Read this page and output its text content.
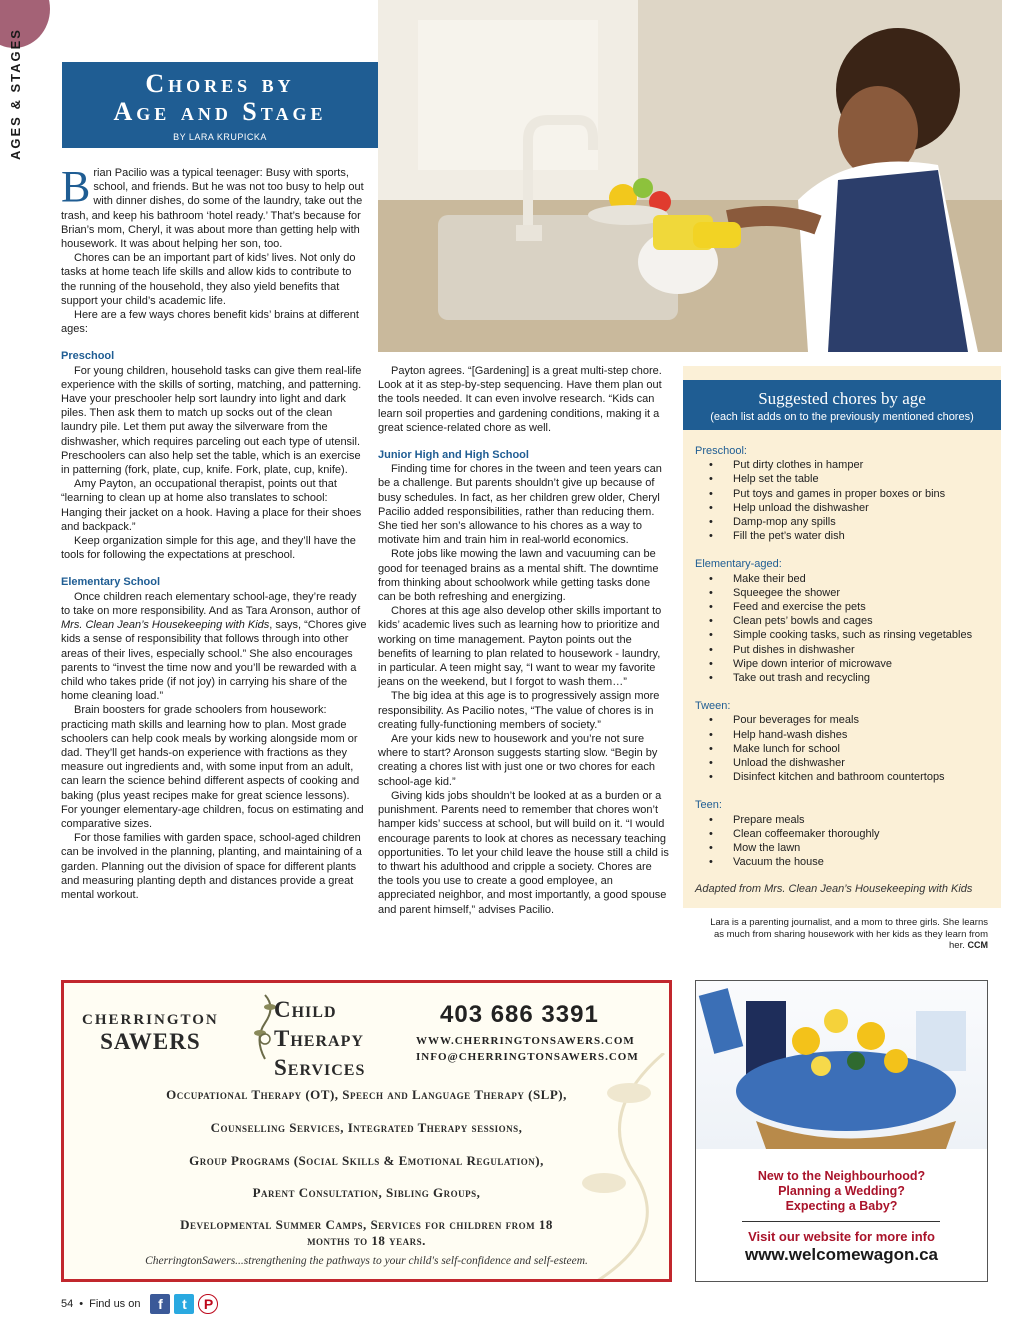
AGES & STAGES	Chores by
Age and Stage
BY LARA KRUPICKA

Brian Pacilio was a typical teenager: Busy with sports, school, and friends. But he was not too busy to help out with dinner dishes, do some of the laundry, take out the trash, and keep his bathroom ‘hotel ready.’ That’s because for Brian’s mom, Cheryl, it was about more than getting help with housework. It was about helping her son, too.

Chores can be an important part of kids’ lives. Not only do tasks at home teach life skills and allow kids to contribute to the running of the household, they also yield benefits that support your child’s academic life.

Here are a few ways chores benefit kids’ brains at different ages:

Preschool

For young children, household tasks can give them real-life experience with the skills of sorting, matching, and patterning. Have your preschooler help sort laundry into light and dark piles. Then ask them to match up socks out of the clean laundry pile. Let them put away the silverware from the dishwasher, which requires parceling out each type of utensil. Preschoolers can also help set the table, which is an exercise in patterning (fork, plate, cup, knife. Fork, plate, cup, knife).

Amy Payton, an occupational therapist, points out that “learning to clean up at home also translates to school: Hanging their jacket on a hook. Having a place for their shoes and backpack.”

Keep organization simple for this age, and they’ll have the tools for following the expectations at preschool.

Elementary School

Once children reach elementary school-age, they’re ready to take on more responsibility. And as Tara Aronson, author of Mrs. Clean Jean’s Housekeeping with Kids, says, “Chores give kids a sense of responsibility that follows through into other areas of their lives, especially school.” She also encourages parents to “invest the time now and you’ll be rewarded with a child who takes pride (if not joy) in carrying his share of the home cleaning load.”

Brain boosters for grade schoolers from housework: practicing math skills and learning how to plan. Most grade schoolers can help cook meals by working alongside mom or dad. They’ll get hands-on experience with fractions as they measure out ingredients and, with some input from an adult, can learn the science behind different aspects of cooking and baking (plus yeast recipes make for great science lessons). For younger elementary-age children, focus on estimating and comparative sizes.

For those families with garden space, school-aged children can be involved in the planning, planting, and maintaining of a garden. Planning out the division of space for different plants and measuring planting depth and distances provide a great mental workout.

Payton agrees. “[Gardening] is a great multi-step chore. Look at it as step-by-step sequencing. Have them plan out the tools needed. It can even involve research. “Kids can learn soil properties and gardening conditions, making it a great science-related chore as well.

Junior High and High School

Finding time for chores in the tween and teen years can be a challenge. But parents shouldn’t give up because of busy schedules. In fact, as her children grew older, Cheryl Pacilio added responsibilities, rather than reducing them. She tied her son’s allowance to his chores as a way to motivate him and train him in real-world economics.

Rote jobs like mowing the lawn and vacuuming can be good for teenaged brains as a mental shift. The downtime from thinking about schoolwork while getting tasks done can be both refreshing and energizing.

Chores at this age also develop other skills important to kids’ academic lives such as learning how to prioritize and working on time management. Payton points out the benefits of learning to plan related to housework - laundry, in particular. A teen might say, “I want to wear my favorite jeans on the weekend, but I forgot to wash them…”

The big idea at this age is to progressively assign more responsibility. As Pacilio notes, “The value of chores is in creating fully-functioning members of society.”

Are your kids new to housework and you’re not sure where to start? Aronson suggests starting slow. “Begin by creating a chores list with just one or two chores for each school-age kid.”

Giving kids jobs shouldn’t be looked at as a burden or a punishment. Parents need to remember that chores won’t hamper kids’ success at school, but will build on it. “I would encourage parents to look at chores as necessary teaching opportunities. To let your child leave the house still a child is to thwart his adulthood and cripple a society. Chores are the tools you use to create a good employee, an appreciated neighbor, and most importantly, a good spouse and parent himself,” advises Pacilio.

Suggested chores by age
(each list adds on to the previously mentioned chores)
Preschool:
• Put dirty clothes in hamper
• Help set the table
• Put toys and games in proper boxes or bins
• Help unload the dishwasher
• Damp-mop any spills
• Fill the pet’s water dish
Elementary-aged:
• Make their bed
• Squeegee the shower
• Feed and exercise the pets
• Clean pets’ bowls and cages
• Simple cooking tasks, such as rinsing vegetables
• Put dishes in dishwasher
• Wipe down interior of microwave
• Take out trash and recycling
Tween:
• Pour beverages for meals
• Help hand-wash dishes
• Make lunch for school
• Unload the dishwasher
• Disinfect kitchen and bathroom countertops
Teen:
• Prepare meals
• Clean coffeemaker thoroughly
• Mow the lawn
• Vacuum the house
Adapted from Mrs. Clean Jean’s Housekeeping with Kids
Lara is a parenting journalist, and a mom to three girls. She learns as much from sharing housework with her kids as they learn from her. CCM
CHERRINGTON
SAWERS
Child
Therapy
Services
403 686 3391
WWW.CHERRINGTONSAWERS.COM
INFO@CHERRINGTONSAWERS.COM
Occupational Therapy (OT), Speech and Language Therapy (SLP),
Counselling Services, Integrated Therapy sessions,
Group Programs (Social Skills & Emotional Regulation),
Parent Consultation, Sibling Groups,
Developmental Summer Camps, Services for children from 18
months to 18 years.
CherringtonSawers...strengthening the pathways to your child's self-confidence and self-esteem.
New to the Neighbourhood?
Planning a Wedding?
Expecting a Baby?
Visit our website for more info
www.welcomewagon.ca
54 • Find us on	f	t	P
